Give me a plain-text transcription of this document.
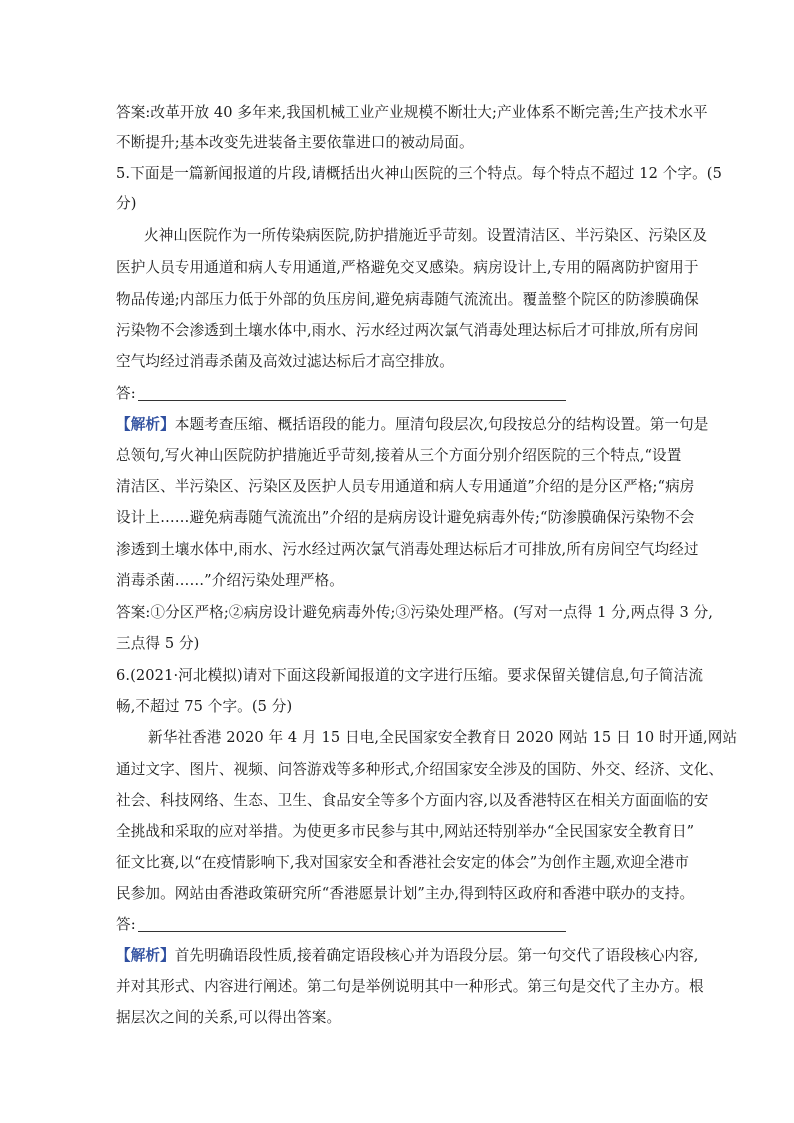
答案:改革开放 40 多年来,我国机械工业产业规模不断壮大;产业体系不断完善;生产技术水平
不断提升;基本改变先进装备主要依靠进口的被动局面。
5.下面是一篇新闻报道的片段,请概括出火神山医院的三个特点。每个特点不超过 12 个字。(5
分)
火神山医院作为一所传染病医院,防护措施近乎苛刻。设置清洁区、半污染区、污染区及
医护人员专用通道和病人专用通道,严格避免交叉感染。病房设计上,专用的隔离防护窗用于
物品传递;内部压力低于外部的负压房间,避免病毒随气流流出。覆盖整个院区的防渗膜确保
污染物不会渗透到土壤水体中,雨水、污水经过两次氯气消毒处理达标后才可排放,所有房间
空气均经过消毒杀菌及高效过滤达标后才高空排放。
答:
【解析】本题考查压缩、概括语段的能力。厘清句段层次,句段按总分的结构设置。第一句是
总领句,写火神山医院防护措施近乎苛刻,接着从三个方面分别介绍医院的三个特点,“设置
清洁区、半污染区、污染区及医护人员专用通道和病人专用通道”介绍的是分区严格;“病房
设计上……避免病毒随气流流出”介绍的是病房设计避免病毒外传;“防渗膜确保污染物不会
渗透到土壤水体中,雨水、污水经过两次氯气消毒处理达标后才可排放,所有房间空气均经过
消毒杀菌……”介绍污染处理严格。
答案:①分区严格;②病房设计避免病毒外传;③污染处理严格。(写对一点得 1 分,两点得 3 分,
三点得 5 分)
6.(2021·河北模拟)请对下面这段新闻报道的文字进行压缩。要求保留关键信息,句子简洁流
畅,不超过 75 个字。(5 分)
新华社香港 2020 年 4 月 15 日电,全民国家安全教育日 2020 网站 15 日 10 时开通,网站
通过文字、图片、视频、问答游戏等多种形式,介绍国家安全涉及的国防、外交、经济、文化、
社会、科技网络、生态、卫生、食品安全等多个方面内容,以及香港特区在相关方面面临的安
全挑战和采取的应对举措。为使更多市民参与其中,网站还特别举办“全民国家安全教育日”
征文比赛,以“在疫情影响下,我对国家安全和香港社会安定的体会”为创作主题,欢迎全港市
民参加。网站由香港政策研究所“香港愿景计划”主办,得到特区政府和香港中联办的支持。
答:
【解析】首先明确语段性质,接着确定语段核心并为语段分层。第一句交代了语段核心内容,
并对其形式、内容进行阐述。第二句是举例说明其中一种形式。第三句是交代了主办方。根
据层次之间的关系,可以得出答案。
